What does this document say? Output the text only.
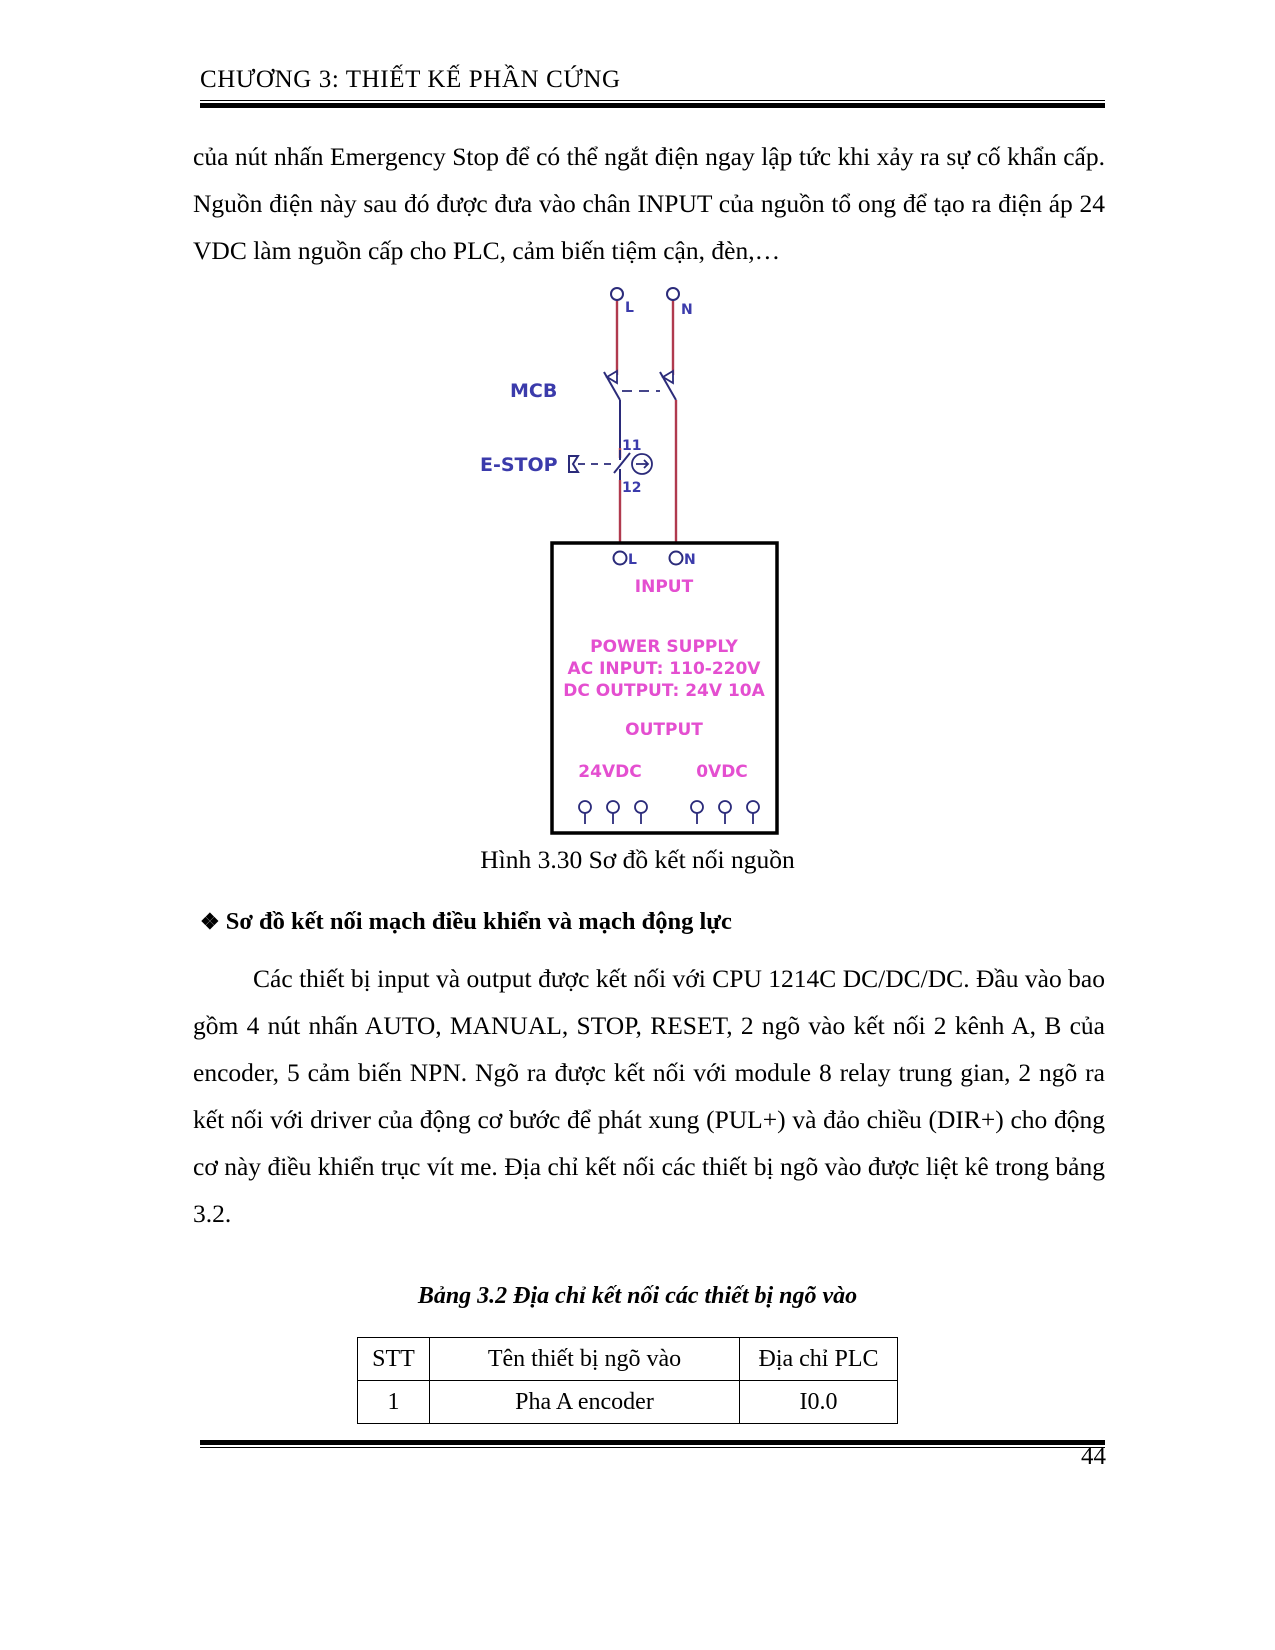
CHƯƠNG 3: THIẾT KẾ PHẦN CỨNG
của nút nhấn Emergency Stop để có thể ngắt điện ngay lập tức khi xảy ra sự cố khẩn cấp. Nguồn điện này sau đó được đưa vào chân INPUT của nguồn tổ ong để tạo ra điện áp 24 VDC làm nguồn cấp cho PLC, cảm biến tiệm cận, đèn,…
L	N
MCB
E-STOP
11
12
L	N
INPUT
POWER SUPPLY
AC INPUT: 110-220V
DC OUTPUT: 24V 10A
OUTPUT
24VDC	0VDC
Hình 3.30 Sơ đồ kết nối nguồn
❖ Sơ đồ kết nối mạch điều khiển và mạch động lực
Các thiết bị input và output được kết nối với CPU 1214C DC/DC/DC. Đầu vào bao gồm 4 nút nhấn AUTO, MANUAL, STOP, RESET, 2 ngõ vào kết nối 2 kênh A, B của encoder, 5 cảm biến NPN. Ngõ ra được kết nối với module 8 relay trung gian, 2 ngõ ra kết nối với driver của động cơ bước để phát xung (PUL+) và đảo chiều (DIR+) cho động cơ này điều khiển trục vít me. Địa chỉ kết nối các thiết bị ngõ vào được liệt kê trong bảng 3.2.
Bảng 3.2 Địa chỉ kết nối các thiết bị ngõ vào
STT	Tên thiết bị ngõ vào	Địa chỉ PLC
1	Pha A encoder	I0.0
44
